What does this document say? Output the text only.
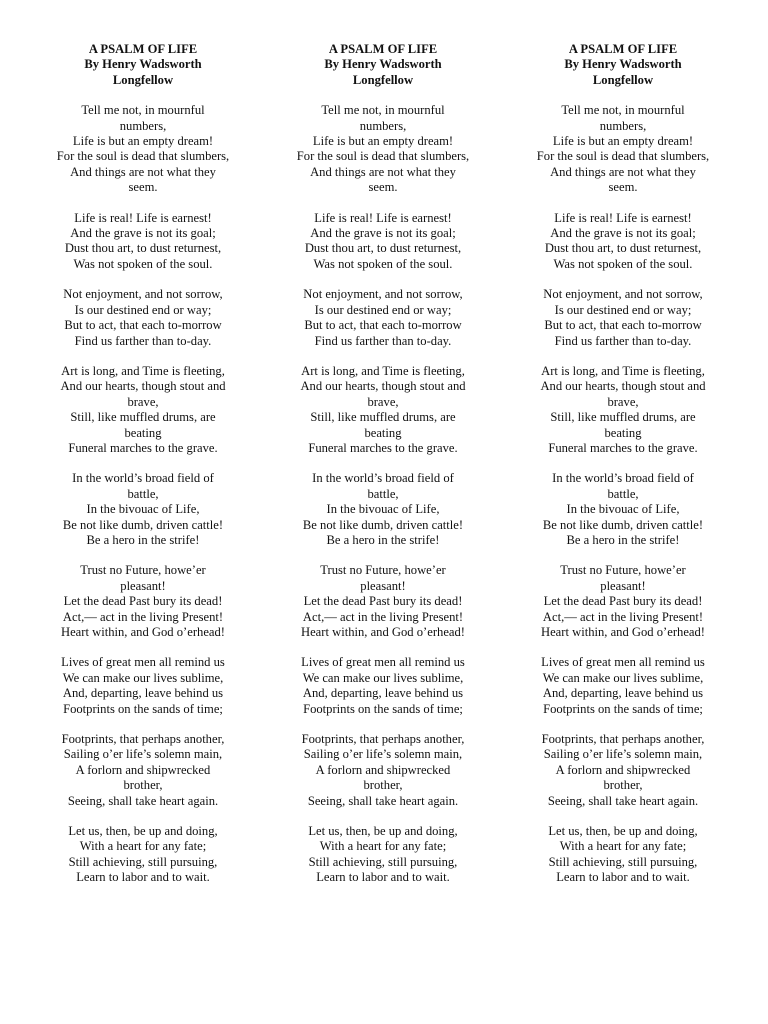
A PSALM OF LIFE
By Henry Wadsworth
Longfellow
Tell me not, in mournful
numbers,
Life is but an empty dream!
For the soul is dead that slumbers,
And things are not what they
seem.
Life is real! Life is earnest!
And the grave is not its goal;
Dust thou art, to dust returnest,
Was not spoken of the soul.
Not enjoyment, and not sorrow,
Is our destined end or way;
But to act, that each to-morrow
Find us farther than to-day.
Art is long, and Time is fleeting,
And our hearts, though stout and
brave,
Still, like muffled drums, are
beating
Funeral marches to the grave.
In the world’s broad field of
battle,
In the bivouac of Life,
Be not like dumb, driven cattle!
Be a hero in the strife!
Trust no Future, howe’er
pleasant!
Let the dead Past bury its dead!
Act,— act in the living Present!
Heart within, and God o’erhead!
Lives of great men all remind us
We can make our lives sublime,
And, departing, leave behind us
Footprints on the sands of time;
Footprints, that perhaps another,
Sailing o’er life’s solemn main,
A forlorn and shipwrecked
brother,
Seeing, shall take heart again.
Let us, then, be up and doing,
With a heart for any fate;
Still achieving, still pursuing,
Learn to labor and to wait.
A PSALM OF LIFE
By Henry Wadsworth
Longfellow
Tell me not, in mournful
numbers,
Life is but an empty dream!
For the soul is dead that slumbers,
And things are not what they
seem.
Life is real! Life is earnest!
And the grave is not its goal;
Dust thou art, to dust returnest,
Was not spoken of the soul.
Not enjoyment, and not sorrow,
Is our destined end or way;
But to act, that each to-morrow
Find us farther than to-day.
Art is long, and Time is fleeting,
And our hearts, though stout and
brave,
Still, like muffled drums, are
beating
Funeral marches to the grave.
In the world’s broad field of
battle,
In the bivouac of Life,
Be not like dumb, driven cattle!
Be a hero in the strife!
Trust no Future, howe’er
pleasant!
Let the dead Past bury its dead!
Act,— act in the living Present!
Heart within, and God o’erhead!
Lives of great men all remind us
We can make our lives sublime,
And, departing, leave behind us
Footprints on the sands of time;
Footprints, that perhaps another,
Sailing o’er life’s solemn main,
A forlorn and shipwrecked
brother,
Seeing, shall take heart again.
Let us, then, be up and doing,
With a heart for any fate;
Still achieving, still pursuing,
Learn to labor and to wait.
A PSALM OF LIFE
By Henry Wadsworth
Longfellow
Tell me not, in mournful
numbers,
Life is but an empty dream!
For the soul is dead that slumbers,
And things are not what they
seem.
Life is real! Life is earnest!
And the grave is not its goal;
Dust thou art, to dust returnest,
Was not spoken of the soul.
Not enjoyment, and not sorrow,
Is our destined end or way;
But to act, that each to-morrow
Find us farther than to-day.
Art is long, and Time is fleeting,
And our hearts, though stout and
brave,
Still, like muffled drums, are
beating
Funeral marches to the grave.
In the world’s broad field of
battle,
In the bivouac of Life,
Be not like dumb, driven cattle!
Be a hero in the strife!
Trust no Future, howe’er
pleasant!
Let the dead Past bury its dead!
Act,— act in the living Present!
Heart within, and God o’erhead!
Lives of great men all remind us
We can make our lives sublime,
And, departing, leave behind us
Footprints on the sands of time;
Footprints, that perhaps another,
Sailing o’er life’s solemn main,
A forlorn and shipwrecked
brother,
Seeing, shall take heart again.
Let us, then, be up and doing,
With a heart for any fate;
Still achieving, still pursuing,
Learn to labor and to wait.
